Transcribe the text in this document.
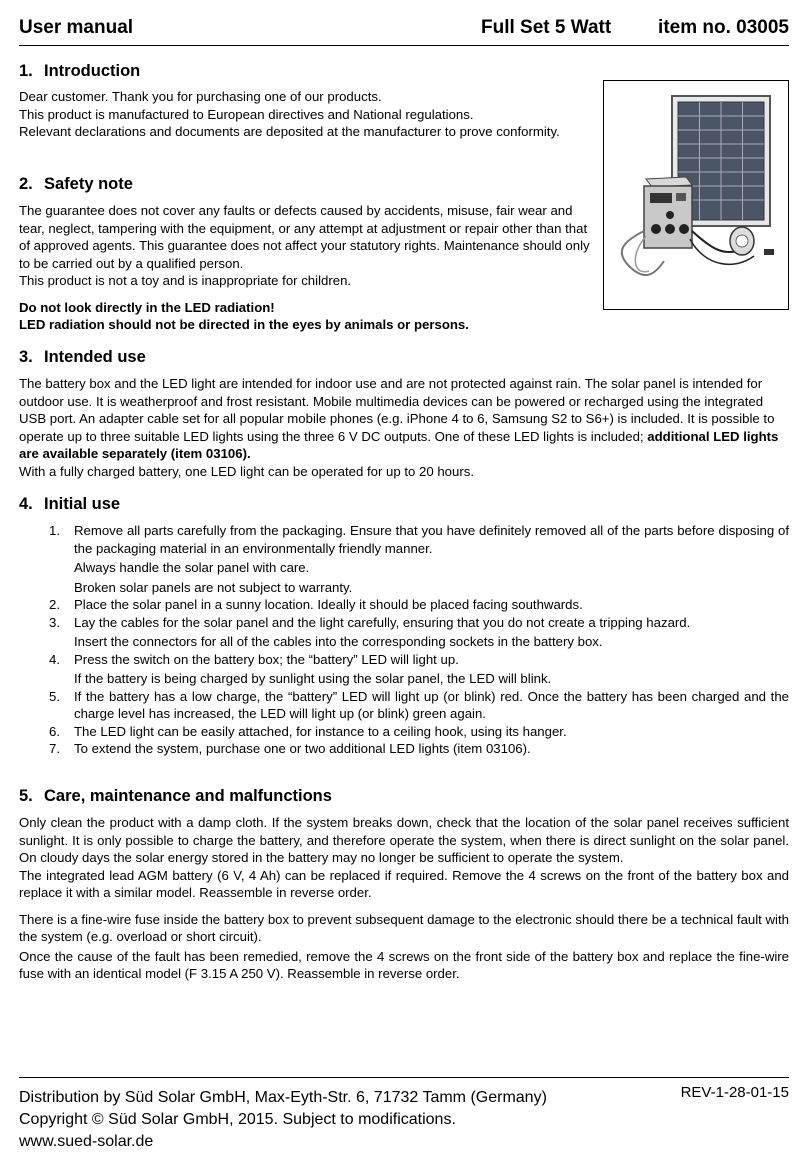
User manual	Full Set 5 Watt item no. 03005
1. Introduction

Dear customer. Thank you for purchasing one of our products.

This product is manufactured to European directives and National regulations.

Relevant declarations and documents are deposited at the manufacturer to prove conformity.

2. Safety note

The guarantee does not cover any faults or defects caused by accidents, misuse, fair wear and tear, neglect, tampering with the equipment, or any attempt at adjustment or repair other than that of approved agents. This guarantee does not affect your statutory rights. Maintenance should only to be carried out by a qualified person.

This product is not a toy and is inappropriate for children.

Do not look directly in the LED radiation!

LED radiation should not be directed in the eyes by animals or persons.

3. Intended use

The battery box and the LED light are intended for indoor use and are not protected against rain. The solar panel is intended for outdoor use. It is weatherproof and frost resistant. Mobile multimedia devices can be powered or recharged using the integrated USB port. An adapter cable set for all popular mobile phones (e.g. iPhone 4 to 6, Samsung S2 to S6+) is included. It is possible to operate up to three suitable LED lights using the three 6 V DC outputs. One of these LED lights is included; additional LED lights are available separately (item 03106).

With a fully charged battery, one LED light can be operated for up to 20 hours.

4. Initial use
1. Remove all parts carefully from the packaging. Ensure that you have definitely removed all of the parts before disposing of the packaging material in an environmentally friendly manner.
Always handle the solar panel with care.
Broken solar panels are not subject to warranty.
2. Place the solar panel in a sunny location. Ideally it should be placed facing southwards.
3. Lay the cables for the solar panel and the light carefully, ensuring that you do not create a tripping hazard.
Insert the connectors for all of the cables into the corresponding sockets in the battery box.
4. Press the switch on the battery box; the “battery” LED will light up.
If the battery is being charged by sunlight using the solar panel, the LED will blink.
5. If the battery has a low charge, the “battery” LED will light up (or blink) red. Once the battery has been charged and the charge level has increased, the LED will light up (or blink) green again.
6. The LED light can be easily attached, for instance to a ceiling hook, using its hanger.
7. To extend the system, purchase one or two additional LED lights (item 03106).
5. Care, maintenance and malfunctions

Only clean the product with a damp cloth. If the system breaks down, check that the location of the solar panel receives sufficient sunlight. It is only possible to charge the battery, and therefore operate the system, when there is direct sunlight on the solar panel. On cloudy days the solar energy stored in the battery may no longer be sufficient to operate the system.

The integrated lead AGM battery (6 V, 4 Ah) can be replaced if required. Remove the 4 screws on the front of the battery box and replace it with a similar model. Reassemble in reverse order.

There is a fine-wire fuse inside the battery box to prevent subsequent damage to the electronic should there be a technical fault with the system (e.g. overload or short circuit).

Once the cause of the fault has been remedied, remove the 4 screws on the front side of the battery box and replace the fine-wire fuse with an identical model (F 3.15 A 250 V). Reassemble in reverse order.

Distribution by Süd Solar GmbH, Max-Eyth-Str. 6, 71732 Tamm (Germany)
Copyright © Süd Solar GmbH, 2015. Subject to modifications.
www.sued-solar.de
REV-1-28-01-15
